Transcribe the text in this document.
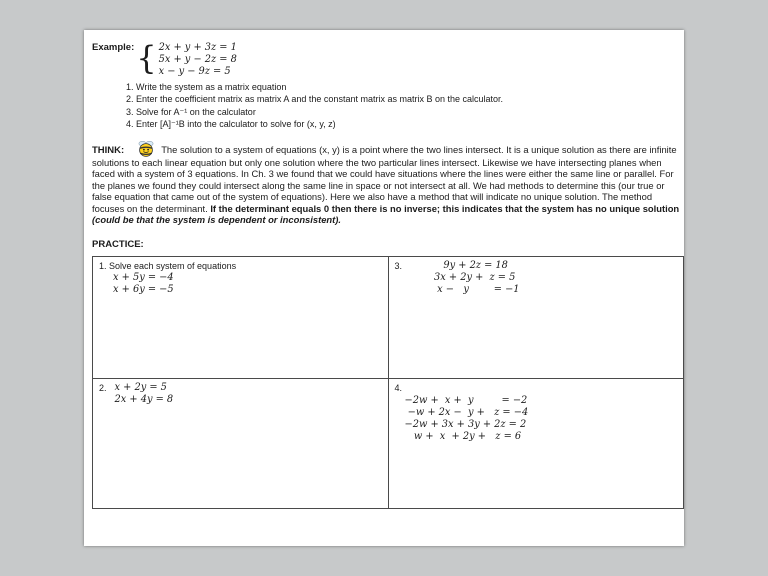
Example: { 2x + y + 3z = 1
5x + y − 2z = 8
x − y − 9z = 5
1. Write the system as a matrix equation
2. Enter the coefficient matrix as matrix A and the constant matrix as matrix B on the calculator.
3. Solve for A⁻¹ on the calculator
4. Enter [A]⁻¹B into the calculator to solve for (x, y, z)

THINK:	The solution to a system of equations (x, y) is a point where the two lines intersect. It is a unique solution as there are infinite solutions to each linear equation but only one solution where the two particular lines intersect. Likewise we have intersecting planes when faced with a system of 3 equations. In Ch. 3 we found that we could have situations where the lines were either the same line or parallel. For the planes we found they could intersect along the same line in space or not intersect at all. We had methods to determine this (our true or false equation that came out of the system of equations). Here we also have a method that will indicate no unique solution. The method focuses on the determinant. If the determinant equals 0 then there is no inverse; this indicates that the system has no unique solution (could be that the system is dependent or inconsistent).

PRACTICE:
1. Solve each system of equations
x + 5y = −4
x + 6y = −5

3.	9y + 2z = 18
3x + 2y +  z = 5
x −   y        = −1

2. x + 2y = 5
2x + 4y = 8

4.
−2w +  x +  y         = −2
−w + 2x −  y +   z = −4
−2w + 3x + 3y + 2z = 2
w +  x  + 2y +   z = 6
